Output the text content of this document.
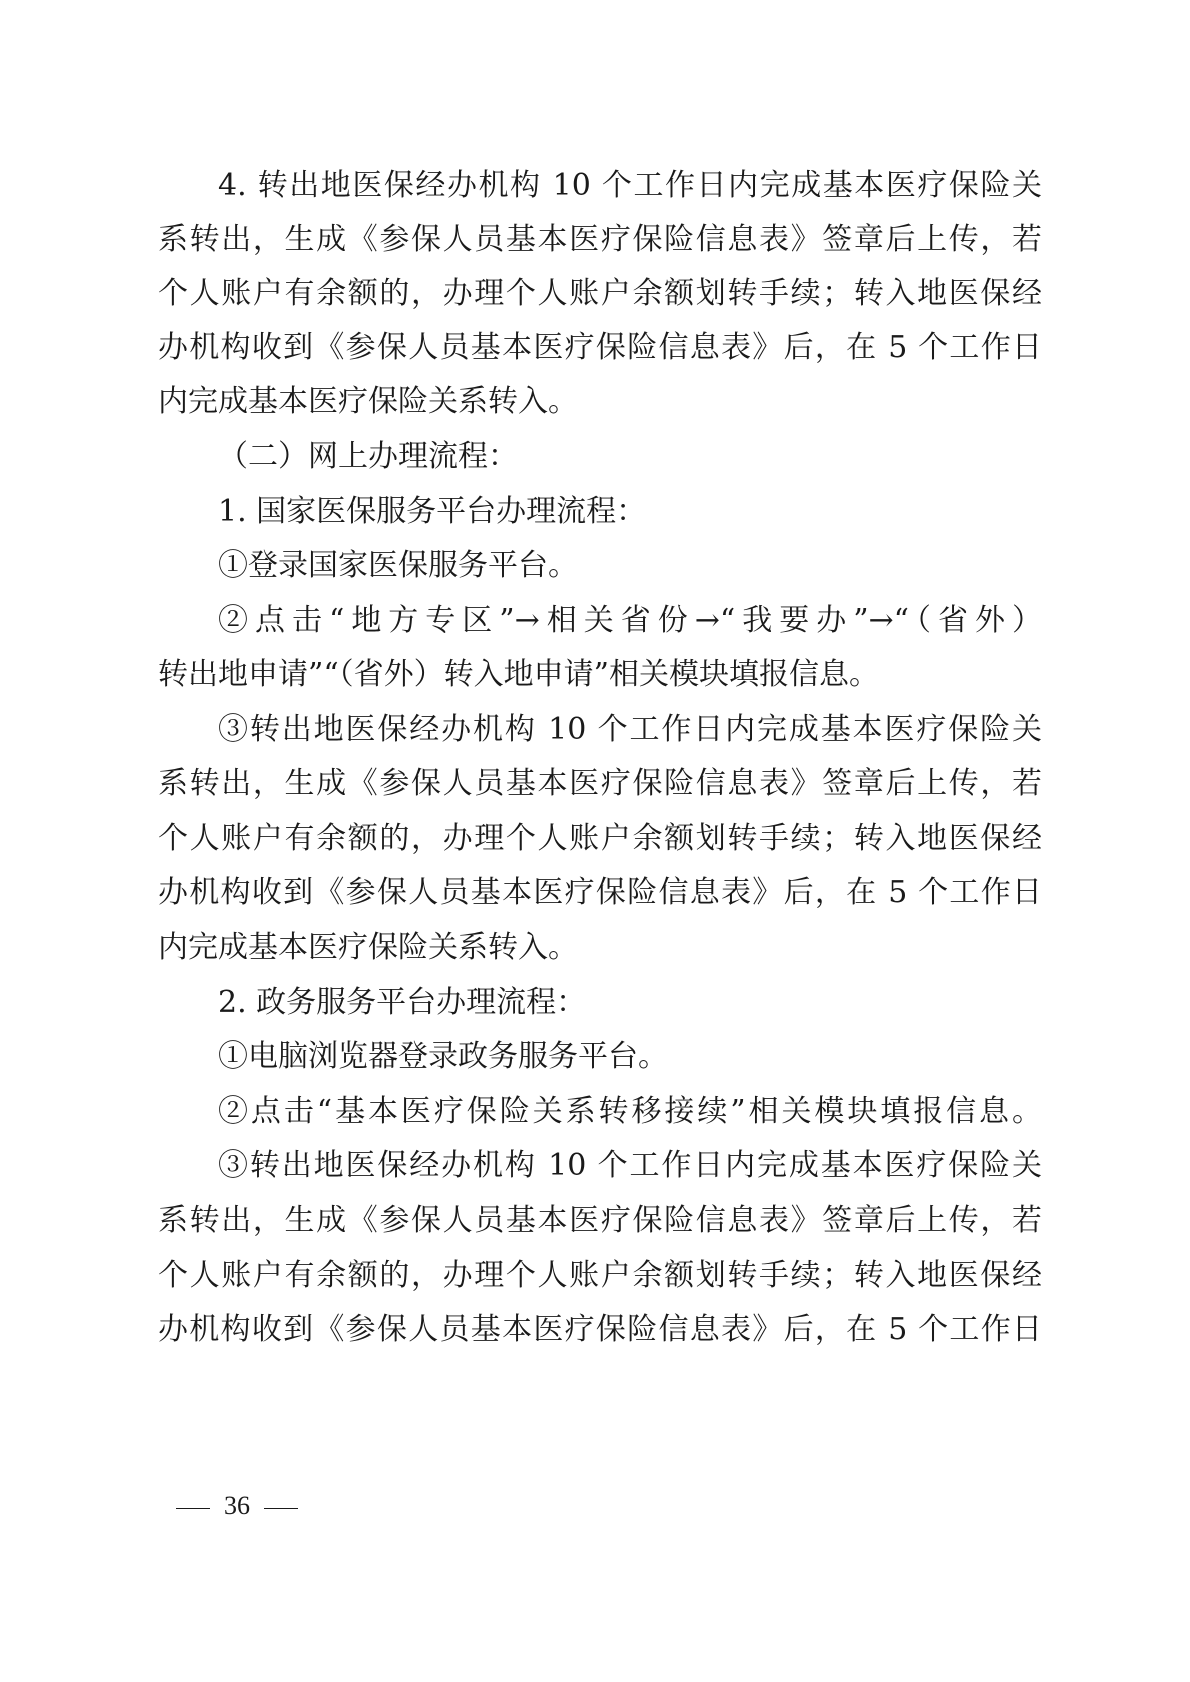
4. 转出地医保经办机构 10 个工作日内完成基本医疗保险关
系转出，生成《参保人员基本医疗保险信息表》签章后上传，若
个人账户有余额的，办理个人账户余额划转手续；转入地医保经
办机构收到《参保人员基本医疗保险信息表》后，在 5 个工作日
内完成基本医疗保险关系转入。
（二）网上办理流程：
1. 国家医保服务平台办理流程：
①登录国家医保服务平台。
②点击“地方专区”→相关省份→“我要办”→“（省外）
转出地申请”“（省外）转入地申请”相关模块填报信息。
③转出地医保经办机构 10 个工作日内完成基本医疗保险关
系转出，生成《参保人员基本医疗保险信息表》签章后上传，若
个人账户有余额的，办理个人账户余额划转手续；转入地医保经
办机构收到《参保人员基本医疗保险信息表》后，在 5 个工作日
内完成基本医疗保险关系转入。
2. 政务服务平台办理流程：
①电脑浏览器登录政务服务平台。
②点击“基本医疗保险关系转移接续”相关模块填报信息。
③转出地医保经办机构 10 个工作日内完成基本医疗保险关
系转出，生成《参保人员基本医疗保险信息表》签章后上传，若
个人账户有余额的，办理个人账户余额划转手续；转入地医保经
办机构收到《参保人员基本医疗保险信息表》后，在 5 个工作日
36
